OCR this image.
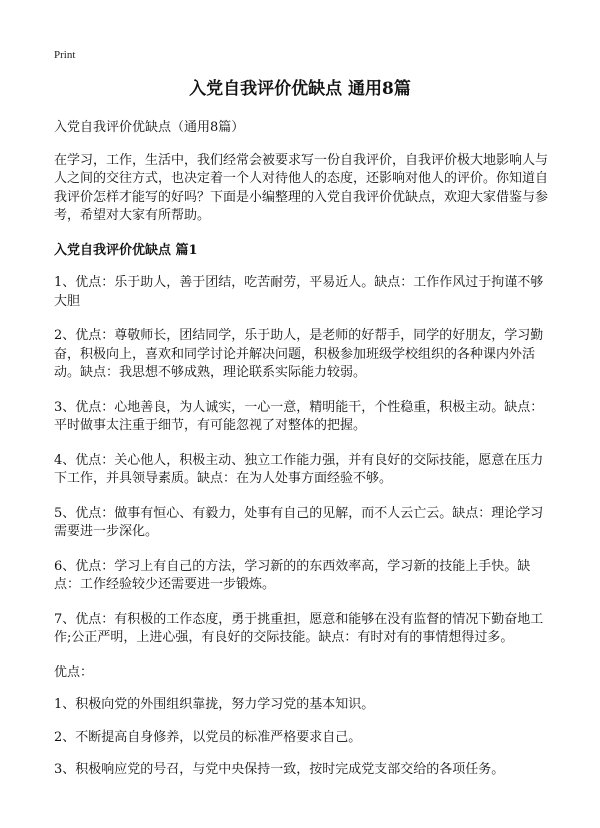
Print
入党自我评价优缺点 通用8篇

入党自我评价优缺点（通用8篇）

在学习，工作，生活中，我们经常会被要求写一份自我评价，自我评价极大地影响人与人之间的交往方式，也决定着一个人对待他人的态度，还影响对他人的评价。你知道自我评价怎样才能写的好吗？下面是小编整理的入党自我评价优缺点，欢迎大家借鉴与参考，希望对大家有所帮助。

入党自我评价优缺点 篇1

1、优点：乐于助人，善于团结，吃苦耐劳，平易近人。缺点：工作作风过于拘谨不够大胆

2、优点：尊敬师长，团结同学，乐于助人，是老师的好帮手，同学的好朋友，学习勤奋，积极向上，喜欢和同学讨论并解决问题，积极参加班级学校组织的各种课内外活动。缺点：我思想不够成熟，理论联系实际能力较弱。

3、优点：心地善良，为人诚实，一心一意，精明能干，个性稳重，积极主动。缺点：平时做事太注重于细节，有可能忽视了对整体的把握。

4、优点：关心他人，积极主动、独立工作能力强，并有良好的交际技能，愿意在压力下工作，并具领导素质。缺点：在为人处事方面经验不够。

5、优点：做事有恒心、有毅力，处事有自己的见解，而不人云亡云。缺点：理论学习需要进一步深化。

6、优点：学习上有自己的方法，学习新的的东西效率高，学习新的技能上手快。缺点：工作经验较少还需要进一步锻炼。

7、优点：有积极的工作态度，勇于挑重担，愿意和能够在没有监督的情况下勤奋地工作;公正严明，上进心强，有良好的交际技能。缺点：有时对有的事情想得过多。

优点：

1、积极向党的外围组织靠拢，努力学习党的基本知识。

2、不断提高自身修养，以党员的标准严格要求自己。

3、积极响应党的号召，与党中央保持一致，按时完成党支部交给的各项任务。
